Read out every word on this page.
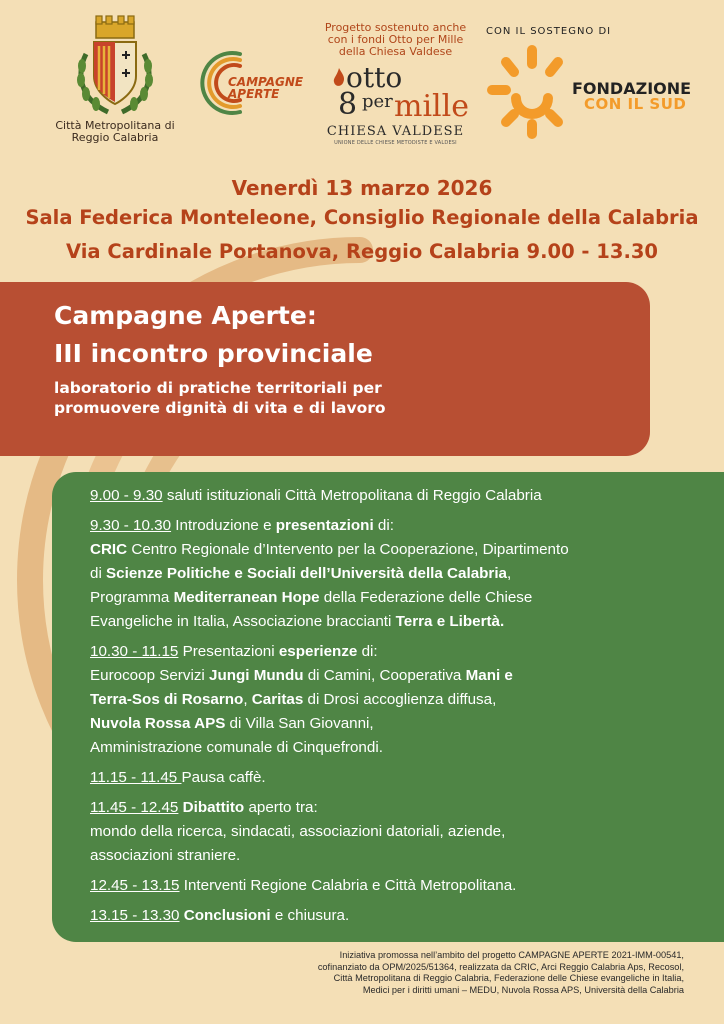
Città Metropolitana di
Reggio Calabria
CAMPAGNE
APERTE
Progetto sostenuto anche
con i fondi Otto per Mille
della Chiesa Valdese
otto
8 per mille
CHIESA VALDESE
UNIONE DELLE CHIESE METODISTE E VALDESI
CON IL SOSTEGNO DI
FONDAZIONE
CON IL SUD
Venerdì 13 marzo 2026
Sala Federica Monteleone, Consiglio Regionale della Calabria
Via Cardinale Portanova, Reggio Calabria 9.00 - 13.30
Campagne Aperte:
III incontro provinciale
laboratorio di pratiche territoriali per
promuovere dignità di vita e di lavoro
9.00 - 9.30 saluti istituzionali Città Metropolitana di Reggio Calabria
9.30 - 10.30 Introduzione e presentazioni di:
CRIC Centro Regionale d’Intervento per la Cooperazione, Dipartimento
di Scienze Politiche e Sociali dell’Università della Calabria,
Programma Mediterranean Hope della Federazione delle Chiese
Evangeliche in Italia, Associazione braccianti Terra e Libertà.
10.30 - 11.15 Presentazioni esperienze di:
Eurocoop Servizi Jungi Mundu di Camini, Cooperativa Mani e
Terra-Sos di Rosarno, Caritas di Drosi accoglienza diffusa,
Nuvola Rossa APS di Villa San Giovanni,
Amministrazione comunale di Cinquefrondi.
11.15 - 11.45 Pausa caffè.
11.45 - 12.45 Dibattito aperto tra:
mondo della ricerca, sindacati, associazioni datoriali, aziende,
associazioni straniere.
12.45 - 13.15 Interventi Regione Calabria e Città Metropolitana.
13.15 - 13.30 Conclusioni e chiusura.
Iniziativa promossa nell’ambito del progetto CAMPAGNE APERTE 2021-IMM-00541,
cofinanziato da OPM/2025/51364, realizzata da CRIC, Arci Reggio Calabria Aps, Recosol,
Città Metropolitana di Reggio Calabria, Federazione delle Chiese evangeliche in Italia,
Medici per i diritti umani – MEDU, Nuvola Rossa APS, Università della Calabria
